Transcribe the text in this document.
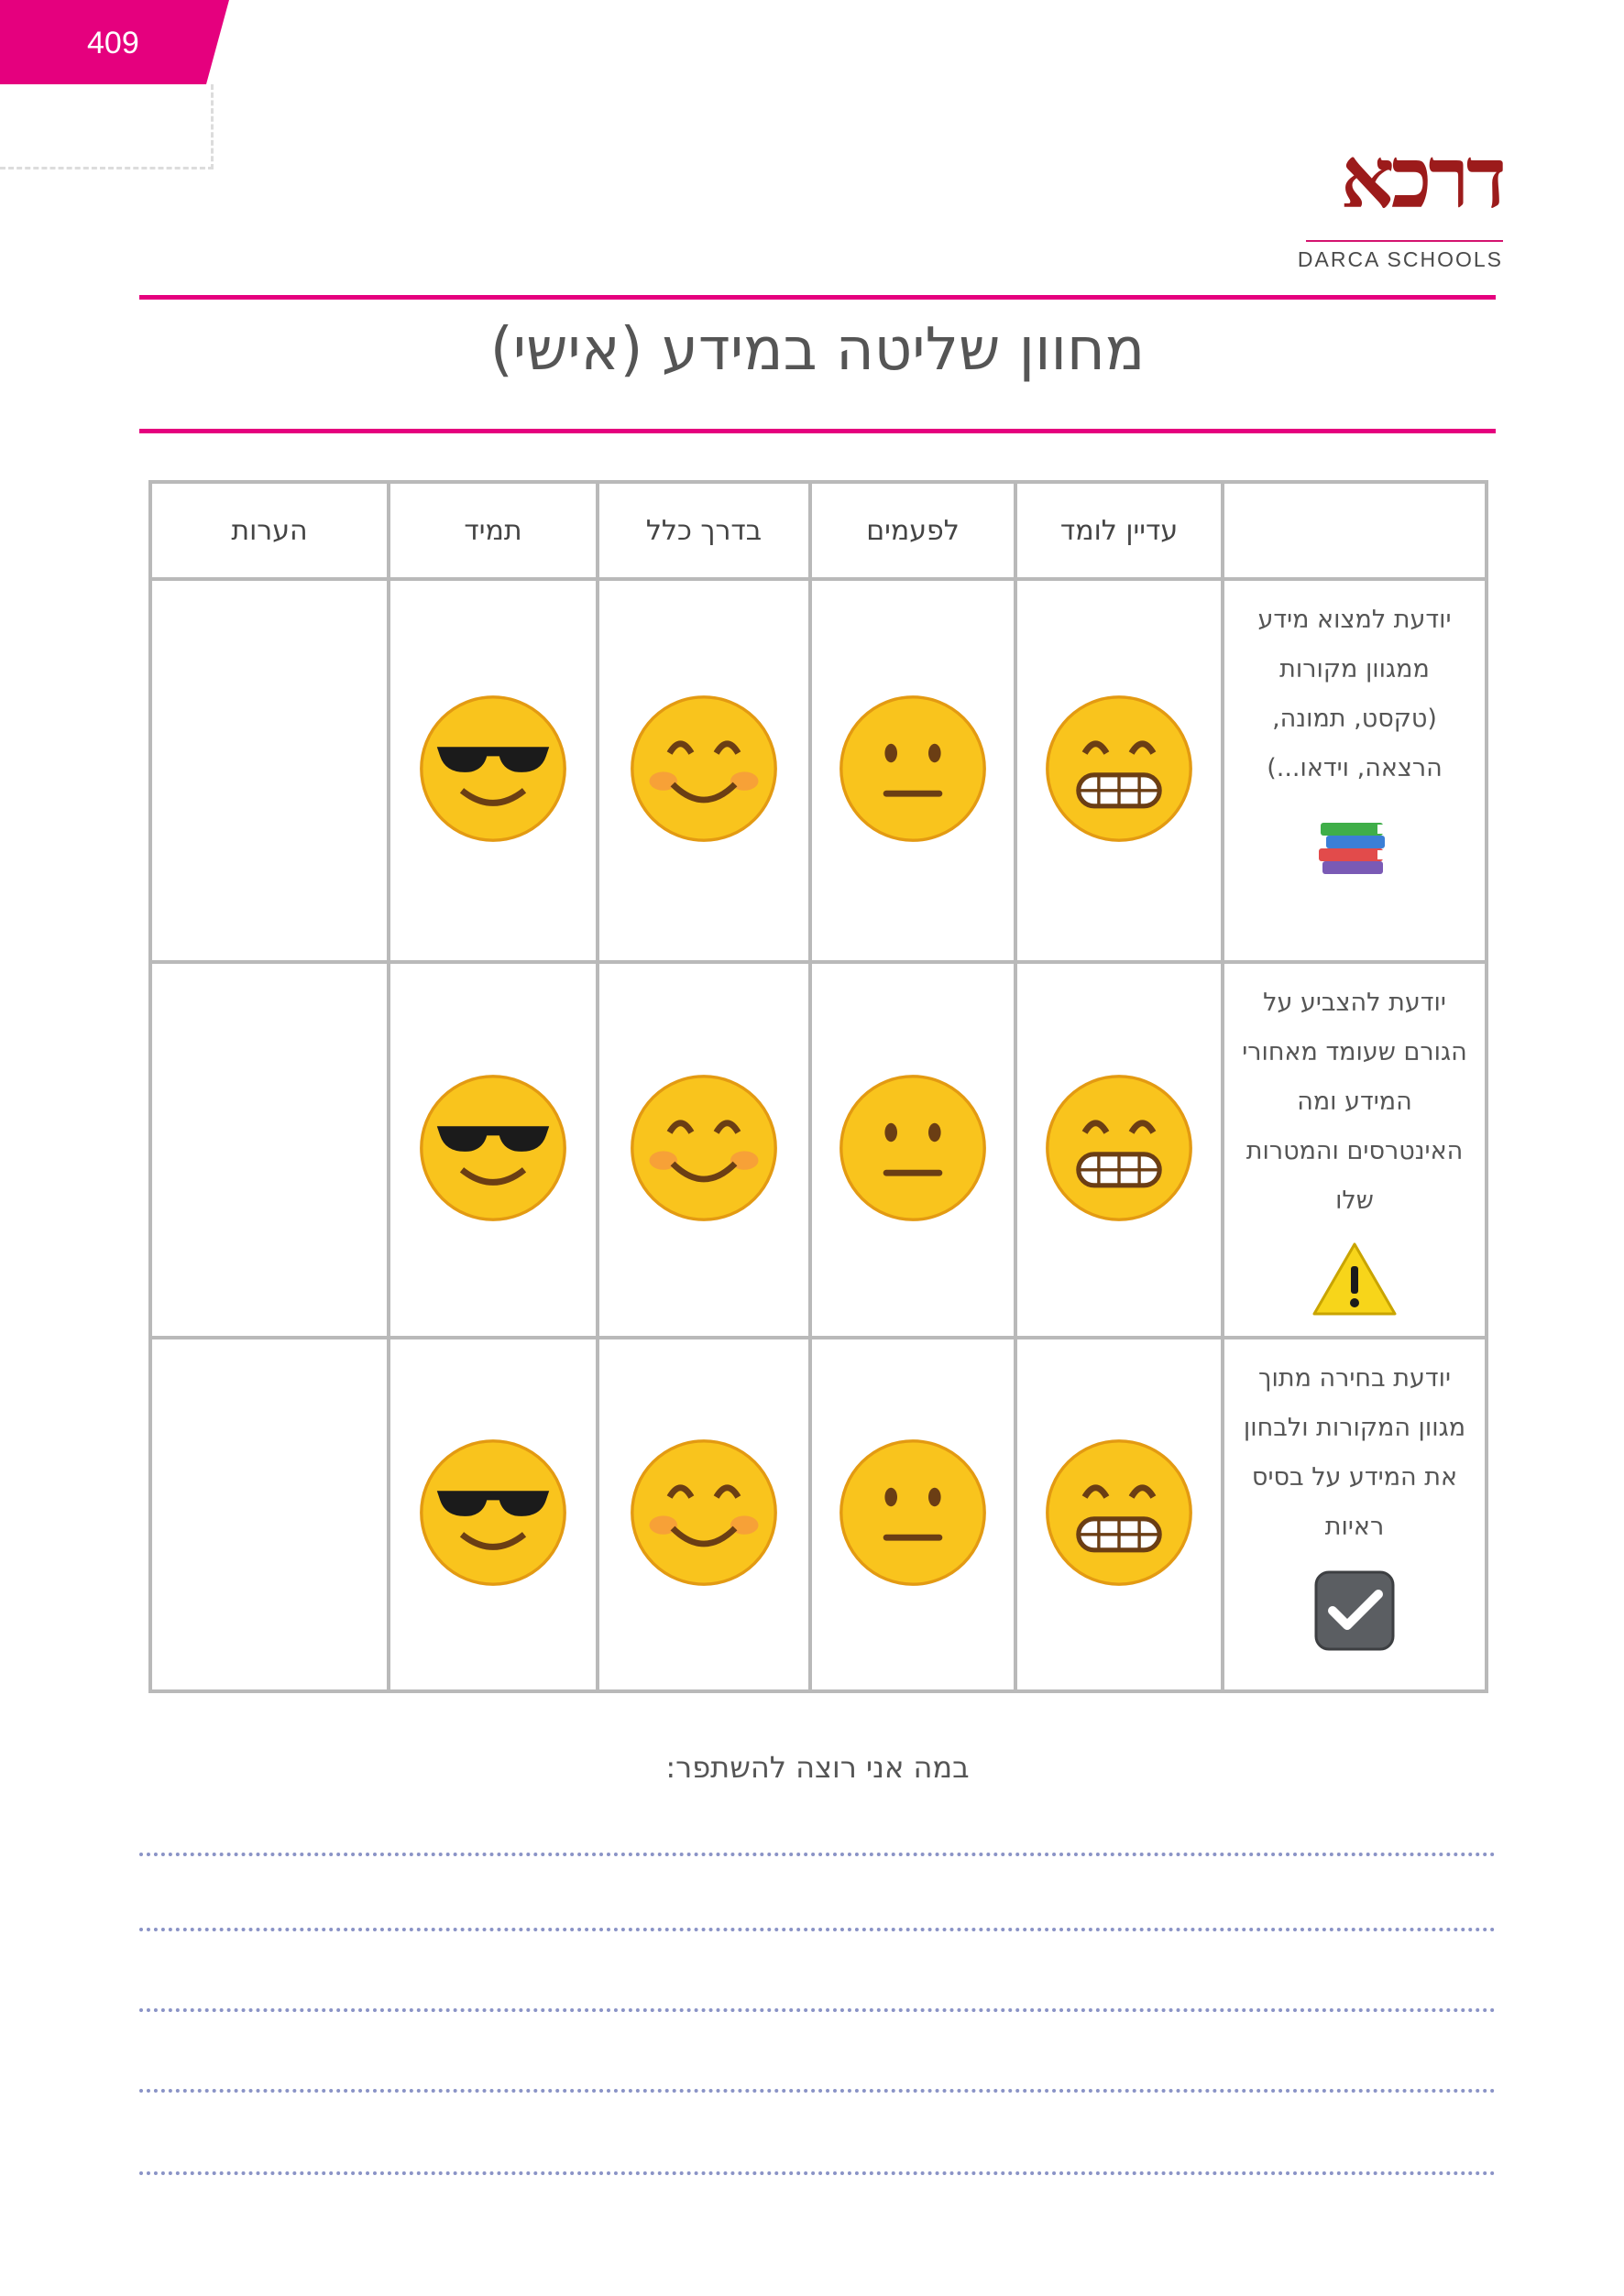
409
דרכא
DARCA SCHOOLS
מחוון שליטה במידע (אישי)
	עדיין לומד	לפעמים	בדרך כלל	תמיד	הערות

יודעת למצוא מידע ממגוון מקורות (טקסט, תמונה, הרצאה, וידאו...)

יודעת להצביע על הגורם שעומד מאחורי המידע ומה האינטרסים והמטרות שלו

יודעת בחירה מתוך מגוון המקורות ולבחון את המידע על בסיס ראיות

במה אני רוצה להשתפר:
